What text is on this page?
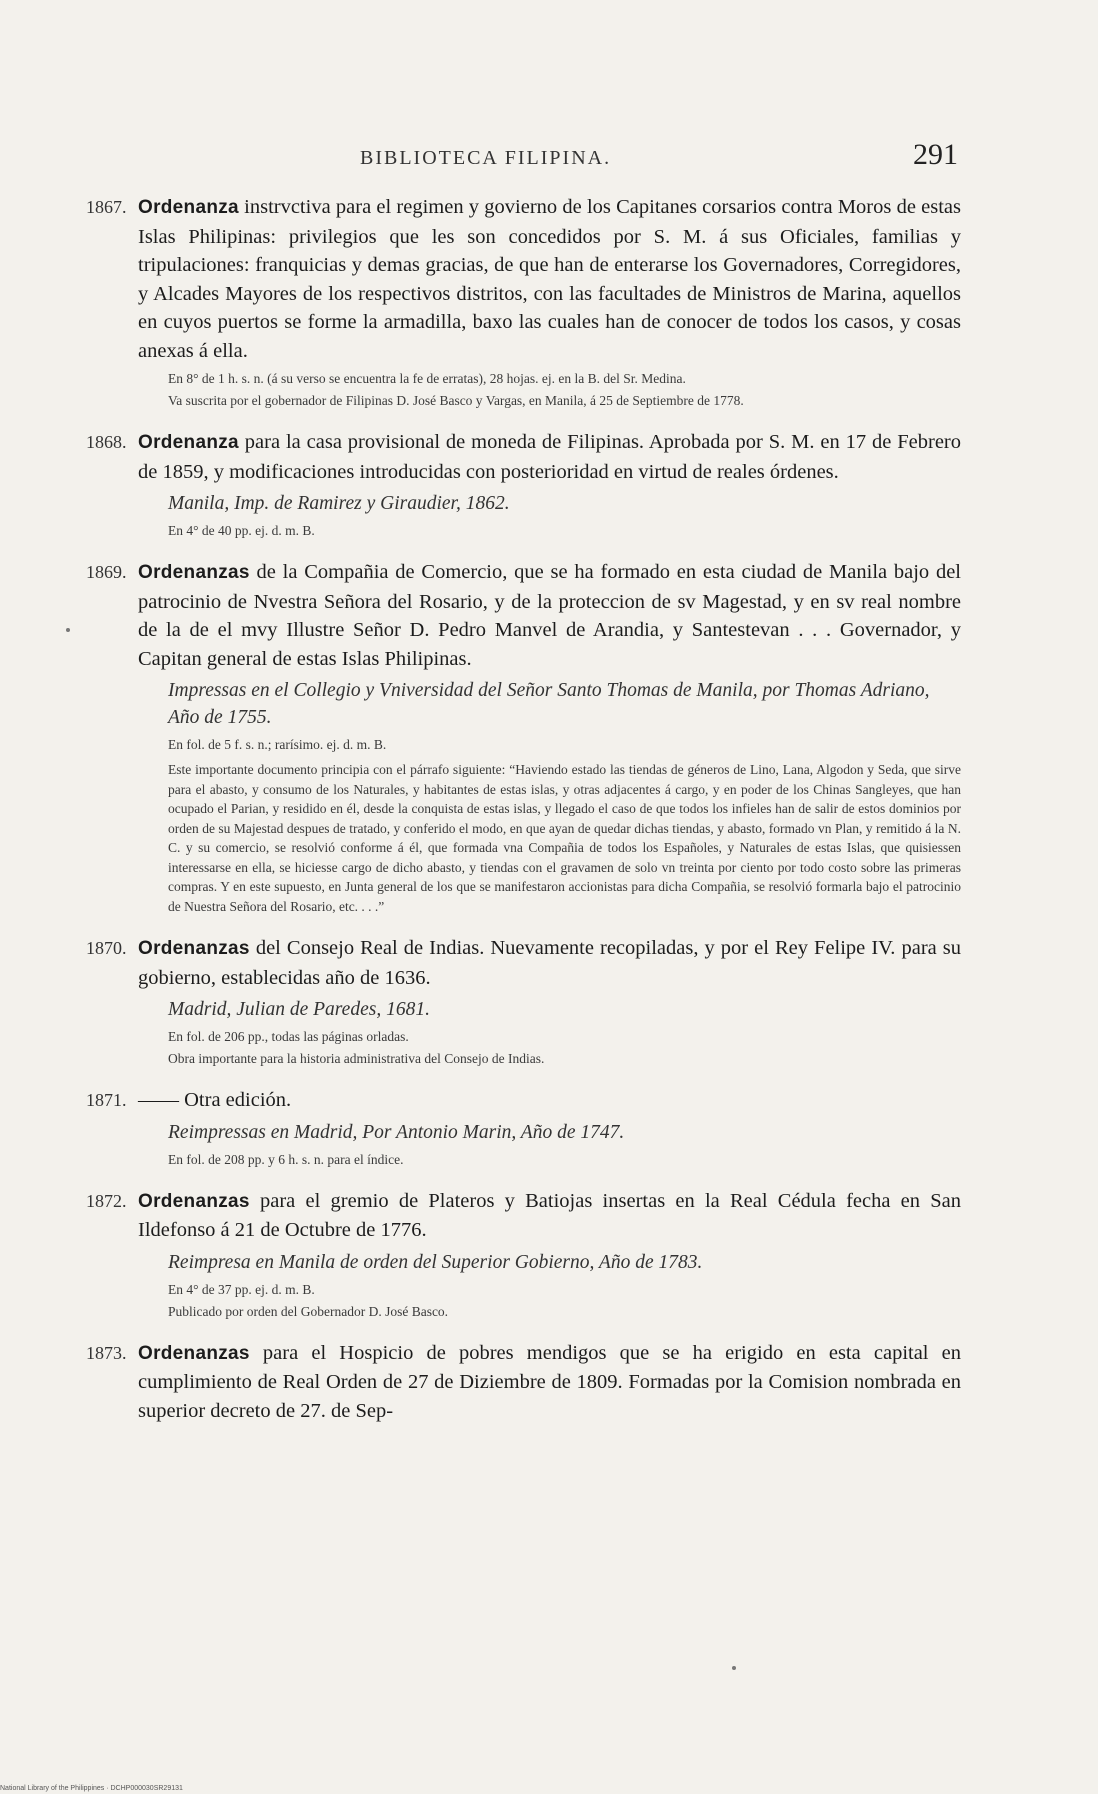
BIBLIOTECA FILIPINA.	291
1867. Ordenanza instrvctiva para el regimen y govierno de los Capitanes corsarios contra Moros de estas Islas Philipinas: privilegios que les son concedidos por S. M. á sus Oficiales, familias y tripulaciones: franquicias y demas gracias, de que han de enterarse los Governadores, Corregidores, y Alcades Mayores de los respectivos distritos, con las facultades de Ministros de Marina, aquellos en cuyos puertos se forme la armadilla, baxo las cuales han de conocer de todos los casos, y cosas anexas á ella.

En 8° de 1 h. s. n. (á su verso se encuentra la fe de erratas), 28 hojas. ej. en la B. del Sr. Medina.

Va suscrita por el gobernador de Filipinas D. José Basco y Vargas, en Manila, á 25 de Septiembre de 1778.

1868. Ordenanza para la casa provisional de moneda de Filipinas. Aprobada por S. M. en 17 de Febrero de 1859, y modificaciones introducidas con posterioridad en virtud de reales órdenes.

Manila, Imp. de Ramirez y Giraudier, 1862.

En 4° de 40 pp. ej. d. m. B.

1869. Ordenanzas de la Compañia de Comercio, que se ha formado en esta ciudad de Manila bajo del patrocinio de Nvestra Señora del Rosario, y de la proteccion de sv Magestad, y en sv real nombre de la de el mvy Illustre Señor D. Pedro Manvel de Arandia, y Santestevan . . . Governador, y Capitan general de estas Islas Philipinas.

Impressas en el Collegio y Vniversidad del Señor Santo Thomas de Manila, por Thomas Adriano, Año de 1755.

En fol. de 5 f. s. n.; rarísimo. ej. d. m. B.

Este importante documento principia con el párrafo siguiente: “Haviendo estado las tiendas de géneros de Lino, Lana, Algodon y Seda, que sirve para el abasto, y consumo de los Naturales, y habitantes de estas islas, y otras adjacentes á cargo, y en poder de los Chinas Sangleyes, que han ocupado el Parian, y residido en él, desde la conquista de estas islas, y llegado el caso de que todos los infieles han de salir de estos dominios por orden de su Majestad despues de tratado, y conferido el modo, en que ayan de quedar dichas tiendas, y abasto, formado vn Plan, y remitido á la N. C. y su comercio, se resolvió conforme á él, que formada vna Compañia de todos los Españoles, y Naturales de estas Islas, que quisiessen interessarse en ella, se hiciesse cargo de dicho abasto, y tiendas con el gravamen de solo vn treinta por ciento por todo costo sobre las primeras compras. Y en este supuesto, en Junta general de los que se manifestaron accionistas para dicha Compañia, se resolvió formarla bajo el patrocinio de Nuestra Señora del Rosario, etc. . . .”

1870. Ordenanzas del Consejo Real de Indias. Nuevamente recopiladas, y por el Rey Felipe IV. para su gobierno, establecidas año de 1636.

Madrid, Julian de Paredes, 1681.

En fol. de 206 pp., todas las páginas orladas.

Obra importante para la historia administrativa del Consejo de Indias.

1871. —— Otra edición.

Reimpressas en Madrid, Por Antonio Marin, Año de 1747.

En fol. de 208 pp. y 6 h. s. n. para el índice.

1872. Ordenanzas para el gremio de Plateros y Batiojas insertas en la Real Cédula fecha en San Ildefonso á 21 de Octubre de 1776.

Reimpresa en Manila de orden del Superior Gobierno, Año de 1783.

En 4° de 37 pp. ej. d. m. B.

Publicado por orden del Gobernador D. José Basco.

1873. Ordenanzas para el Hospicio de pobres mendigos que se ha erigido en esta capital en cumplimiento de Real Orden de 27 de Diziembre de 1809. Formadas por la Comision nombrada en superior decreto de 27. de Sep-

National Library of the Philippines · DCHP000030SR29131
